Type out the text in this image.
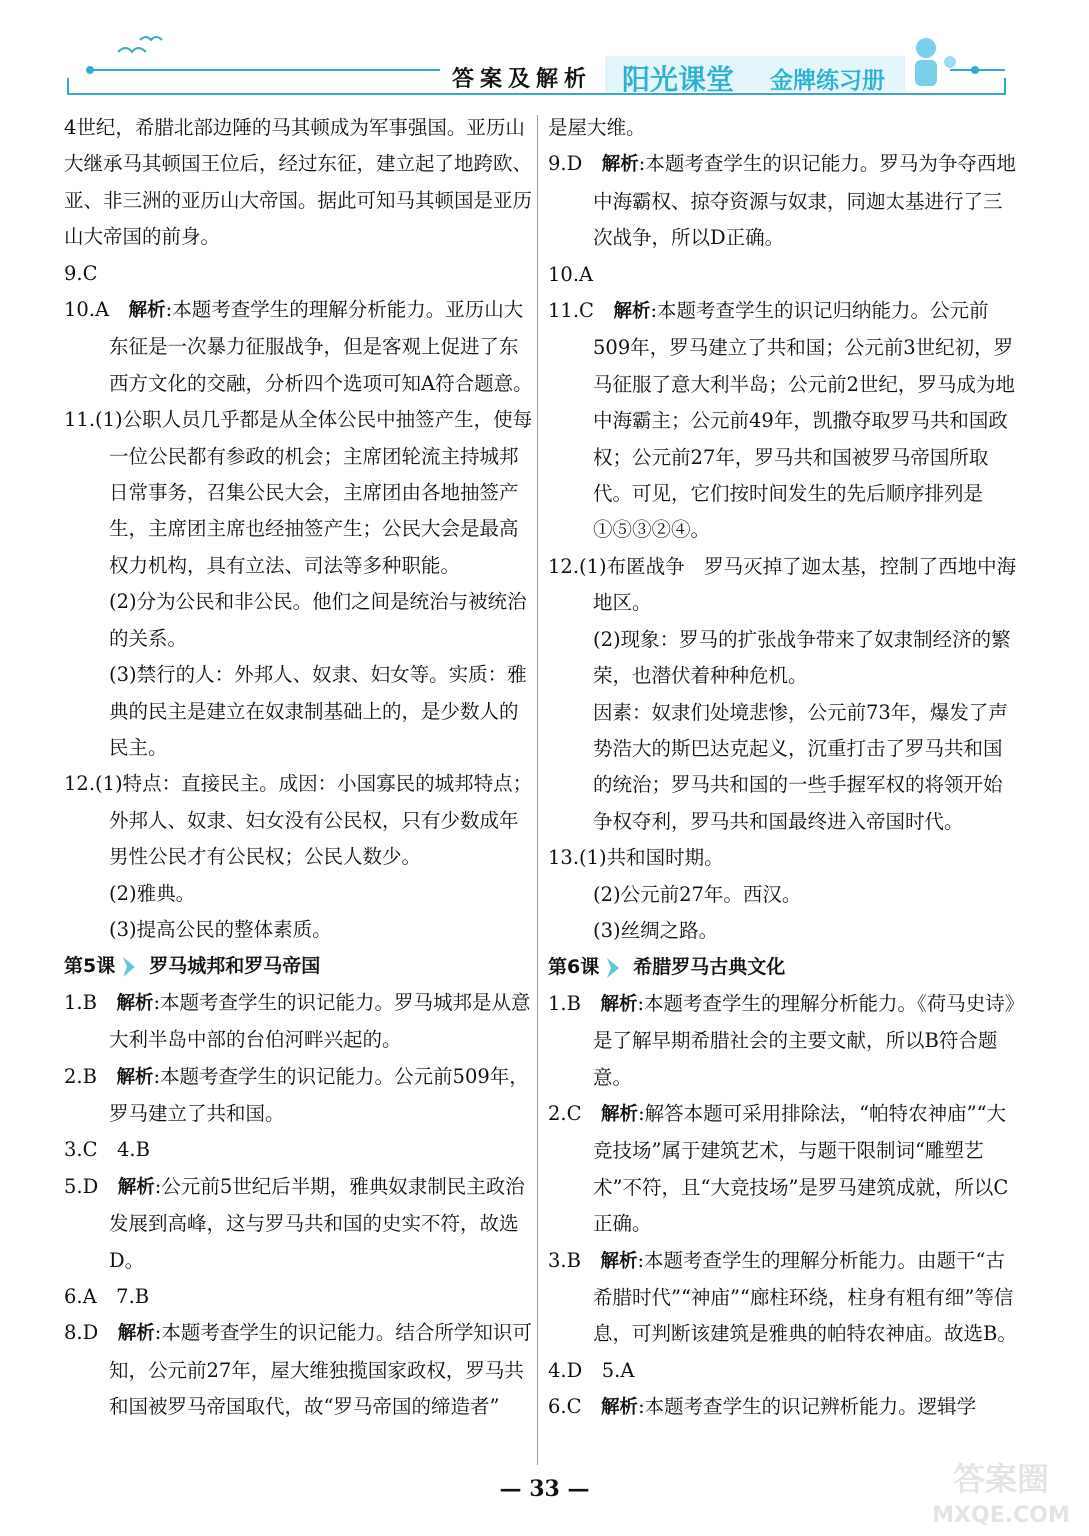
答案及解析 阳光课堂 金牌练习册
4世纪，希腊北部边陲的马其顿成为军事强国。亚历山大继承马其顿国王位后，经过东征，建立起了地跨欧、亚、非三洲的亚历山大帝国。据此可知马其顿国是亚历山大帝国的前身。
9.C
10.A　 解析:本题考查学生的理解分析能力。亚历山大东征是一次暴力征服战争，但是客观上促进了东西方文化的交融，分析四个选项可知A符合题意。
11.(1)公职人员几乎都是从全体公民中抽签产生，使每一位公民都有参政的机会；主席团轮流主持城邦日常事务，召集公民大会，主席团由各地抽签产生，主席团主席也经抽签产生；公民大会是最高权力机构，具有立法、司法等多种职能。
(2)分为公民和非公民。他们之间是统治与被统治的关系。
(3)禁行的人：外邦人、奴隶、妇女等。实质：雅典的民主是建立在奴隶制基础上的，是少数人的民主。
12.(1)特点：直接民主。成因：小国寡民的城邦特点；外邦人、奴隶、妇女没有公民权，只有少数成年男性公民才有公民权；公民人数少。
(2)雅典。
(3)提高公民的整体素质。
第5课 罗马城邦和罗马帝国
1.B　 解析:本题考查学生的识记能力。罗马城邦是从意大利半岛中部的台伯河畔兴起的。
2.B　 解析:本题考查学生的识记能力。公元前509年，罗马建立了共和国。
3.C　4.B
5.D　 解析:公元前5世纪后半期，雅典奴隶制民主政治发展到高峰，这与罗马共和国的史实不符，故选D。
6.A　7.B
8.D　 解析:本题考查学生的识记能力。结合所学知识可知，公元前27年，屋大维独揽国家政权，罗马共和国被罗马帝国取代，故“罗马帝国的缔造者”
是屋大维。
9.D　 解析:本题考查学生的识记能力。罗马为争夺西地中海霸权、掠夺资源与奴隶，同迦太基进行了三次战争，所以D正确。
10.A
11.C　 解析:本题考查学生的识记归纳能力。公元前509年，罗马建立了共和国；公元前3世纪初，罗马征服了意大利半岛；公元前2世纪，罗马成为地中海霸主；公元前49年，凯撒夺取罗马共和国政权；公元前27年，罗马共和国被罗马帝国所取代。可见，它们按时间发生的先后顺序排列是①⑤③②④。
12.(1)布匿战争　罗马灭掉了迦太基，控制了西地中海地区。
(2)现象：罗马的扩张战争带来了奴隶制经济的繁荣，也潜伏着种种危机。
因素：奴隶们处境悲惨，公元前73年，爆发了声势浩大的斯巴达克起义，沉重打击了罗马共和国的统治；罗马共和国的一些手握军权的将领开始争权夺利，罗马共和国最终进入帝国时代。
13.(1)共和国时期。
(2)公元前27年。西汉。
(3)丝绸之路。
第6课 希腊罗马古典文化
1.B　 解析:本题考查学生的理解分析能力。《荷马史诗》是了解早期希腊社会的主要文献，所以B符合题意。
2.C　 解析:解答本题可采用排除法，“帕特农神庙”“大竞技场”属于建筑艺术，与题干限制词“雕塑艺术”不符，且“大竞技场”是罗马建筑成就，所以C正确。
3.B　 解析:本题考查学生的理解分析能力。由题干“古希腊时代”“神庙”“廊柱环绕，柱身有粗有细”等信息，可判断该建筑是雅典的帕特农神庙。故选B。
4.D　5.A
6.C　 解析:本题考查学生的识记辨析能力。逻辑学
— 33 —	答案圈
MXQE.COM
